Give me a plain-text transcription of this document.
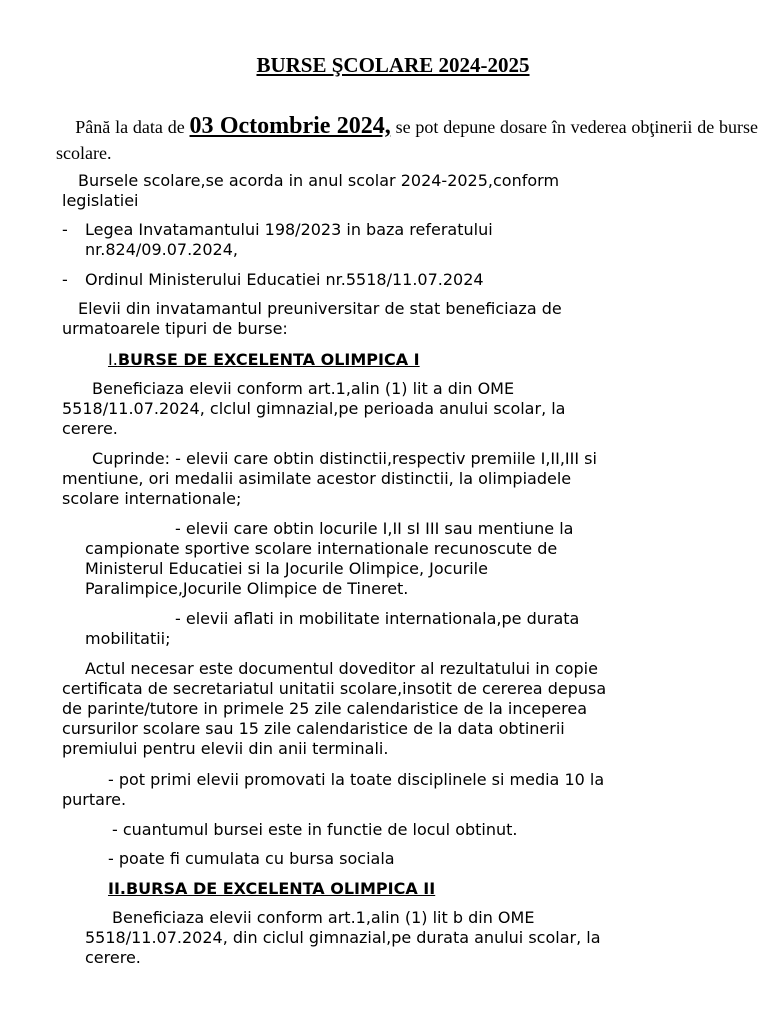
BURSE ŞCOLARE 2024-2025

Până la data de 03 Octombrie 2024, se pot depune dosare în vederea obţinerii de burse scolare.

Bursele scolare,se acorda in anul scolar 2024-2025,conform

legislatiei

- Legea Invatamantului 198/2023 in baza referatului

nr.824/09.07.2024,

- Ordinul Ministerului Educatiei nr.5518/11.07.2024

Elevii din invatamantul preuniversitar de stat beneficiaza de

urmatoarele tipuri de burse:

I.BURSE DE EXCELENTA OLIMPICA I

Beneficiaza elevii conform art.1,alin (1) lit a din OME

5518/11.07.2024, clclul gimnazial,pe perioada anului scolar, la

cerere.

Cuprinde: - elevii care obtin distinctii,respectiv premiile I,II,III si

mentiune, ori medalii asimilate acestor distinctii, la olimpiadele

scolare internationale;

- elevii care obtin locurile I,II sI III sau mentiune la

campionate sportive scolare internationale recunoscute de

Ministerul Educatiei si la Jocurile Olimpice, Jocurile

Paralimpice,Jocurile Olimpice de Tineret.

- elevii aflati in mobilitate internationala,pe durata

mobilitatii;

Actul necesar este documentul doveditor al rezultatului in copie

certificata de secretariatul unitatii scolare,insotit de cererea depusa

de parinte/tutore in primele 25 zile calendaristice de la inceperea

cursurilor scolare sau 15 zile calendaristice de la data obtinerii

premiului pentru elevii din anii terminali.

- pot primi elevii promovati la toate disciplinele si media 10 la

purtare.

- cuantumul bursei este in functie de locul obtinut.

- poate fi cumulata cu bursa sociala

II.BURSA DE EXCELENTA OLIMPICA II

Beneficiaza elevii conform art.1,alin (1) lit b din OME

5518/11.07.2024, din ciclul gimnazial,pe durata anului scolar, la

cerere.
